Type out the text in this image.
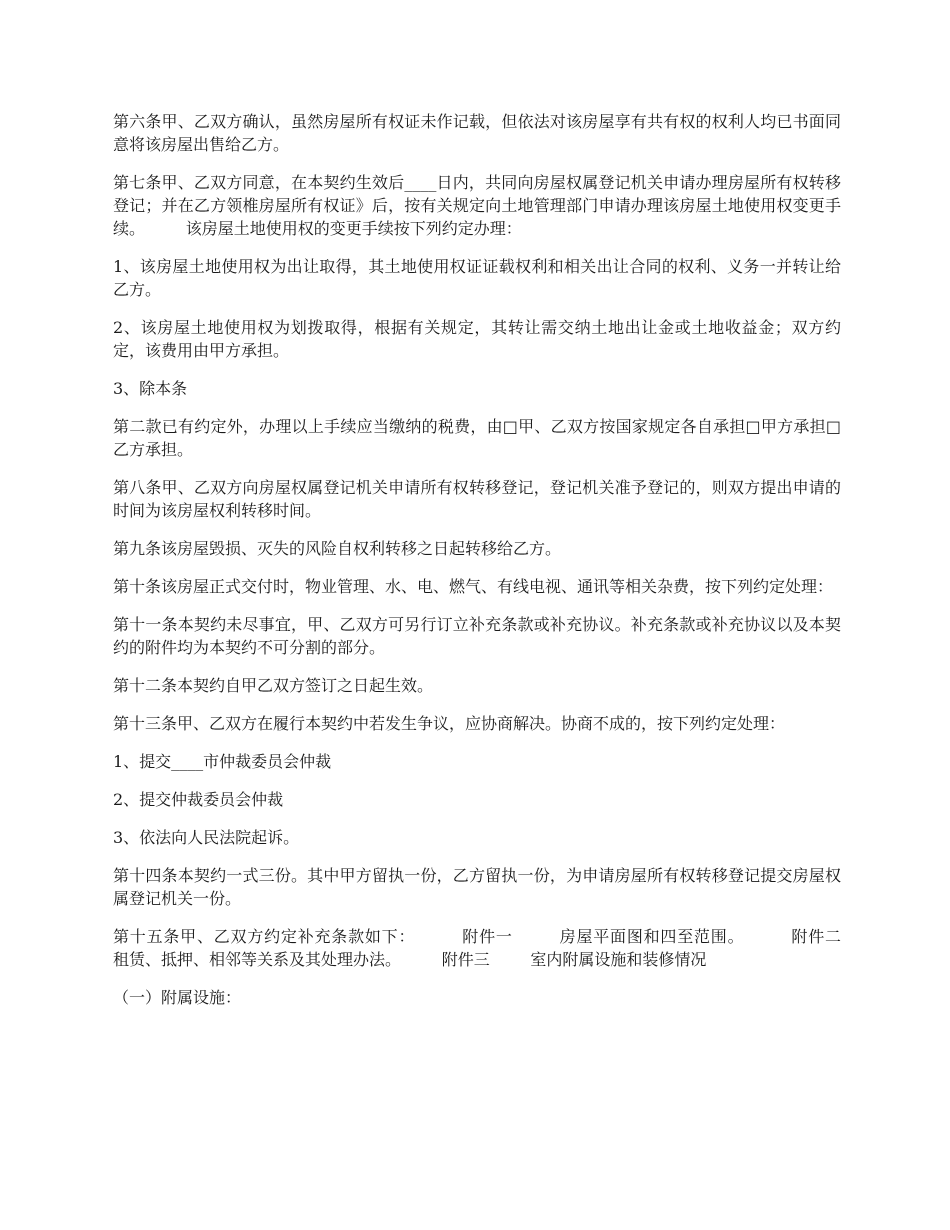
第六条甲、乙双方确认，虽然房屋所有权证未作记载，但依法对该房屋享有共有权的权利人均已书面同意将该房屋出售给乙方。

第七条甲、乙双方同意，在本契约生效后____日内，共同向房屋权属登记机关申请办理房屋所有权转移登记；并在乙方领椎房屋所有权证》后，按有关规定向土地管理部门申请办理该房屋土地使用权变更手续。        该房屋土地使用权的变更手续按下列约定办理：

1、该房屋土地使用权为出让取得，其土地使用权证证载权利和相关出让合同的权利、义务一并转让给乙方。

2、该房屋土地使用权为划拨取得，根据有关规定，其转让需交纳土地出让金或土地收益金；双方约定，该费用由甲方承担。

3、除本条

第二款已有约定外，办理以上手续应当缴纳的税费，由□甲、乙双方按国家规定各自承担□甲方承担□乙方承担。

第八条甲、乙双方向房屋权属登记机关申请所有权转移登记，登记机关准予登记的，则双方提出申请的时间为该房屋权利转移时间。

第九条该房屋毁损、灭失的风险自权利转移之日起转移给乙方。

第十条该房屋正式交付时，物业管理、水、电、燃气、有线电视、通讯等相关杂费，按下列约定处理：

第十一条本契约未尽事宜，甲、乙双方可另行订立补充条款或补充协议。补充条款或补充协议以及本契约的附件均为本契约不可分割的部分。

第十二条本契约自甲乙双方签订之日起生效。

第十三条甲、乙双方在履行本契约中若发生争议，应协商解决。协商不成的，按下列约定处理：

1、提交____市仲裁委员会仲裁

2、提交仲裁委员会仲裁

3、依法向人民法院起诉。

第十四条本契约一式三份。其中甲方留执一份，乙方留执一份，为申请房屋所有权转移登记提交房屋权属登记机关一份。

第十五条甲、乙双方约定补充条款如下：        附件一        房屋平面图和四至范围。        附件二        租赁、抵押、相邻等关系及其处理办法。        附件三        室内附属设施和装修情况

（一）附属设施：
